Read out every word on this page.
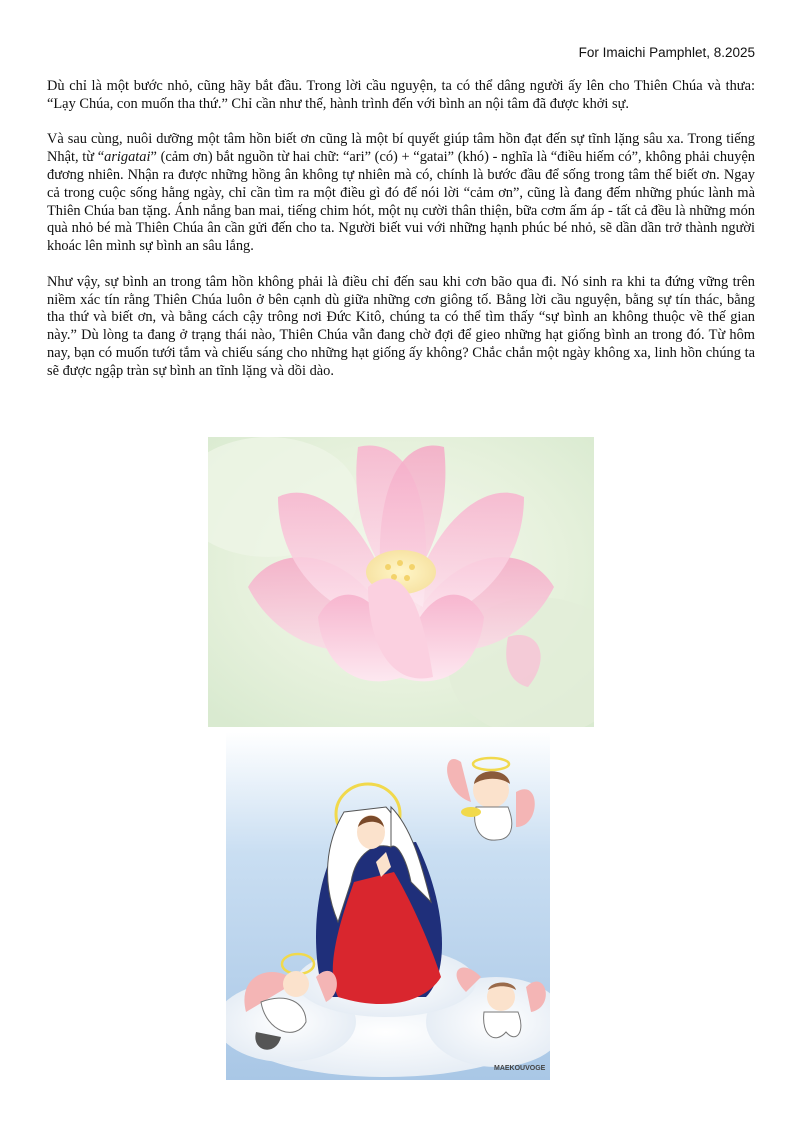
For Imaichi Pamphlet, 8.2025

Dù chỉ là một bước nhỏ, cũng hãy bắt đầu. Trong lời cầu nguyện, ta có thể dâng người ấy lên cho Thiên Chúa và thưa: “Lạy Chúa, con muốn tha thứ.” Chỉ cần như thế, hành trình đến với bình an nội tâm đã được khởi sự.

Và sau cùng, nuôi dưỡng một tâm hồn biết ơn cũng là một bí quyết giúp tâm hồn đạt đến sự tĩnh lặng sâu xa. Trong tiếng Nhật, từ “arigatai” (cảm ơn) bắt nguồn từ hai chữ: “ari” (có) + “gatai” (khó) - nghĩa là “điều hiếm có”, không phải chuyện đương nhiên. Nhận ra được những hồng ân không tự nhiên mà có, chính là bước đầu để sống trong tâm thế biết ơn. Ngay cả trong cuộc sống hằng ngày, chỉ cần tìm ra một điều gì đó để nói lời “cảm ơn”, cũng là đang đếm những phúc lành mà Thiên Chúa ban tặng. Ánh nắng ban mai, tiếng chim hót, một nụ cười thân thiện, bữa cơm ấm áp - tất cả đều là những món quà nhỏ bé mà Thiên Chúa ân cần gửi đến cho ta. Người biết vui với những hạnh phúc bé nhỏ, sẽ dần dần trở thành người khoác lên mình sự bình an sâu lắng.

Như vậy, sự bình an trong tâm hồn không phải là điều chỉ đến sau khi cơn bão qua đi. Nó sinh ra khi ta đứng vững trên niềm xác tín rằng Thiên Chúa luôn ở bên cạnh dù giữa những cơn giông tố. Bằng lời cầu nguyện, bằng sự tín thác, bằng tha thứ và biết ơn, và bằng cách cậy trông nơi Đức Kitô, chúng ta có thể tìm thấy “sự bình an không thuộc về thế gian này.” Dù lòng ta đang ở trạng thái nào, Thiên Chúa vẫn đang chờ đợi để gieo những hạt giống bình an trong đó. Từ hôm nay, bạn có muốn tưới tắm và chiếu sáng cho những hạt giống ấy không? Chắc chắn một ngày không xa, linh hồn chúng ta sẽ được ngập tràn sự bình an tĩnh lặng và dồi dào.

MAEKOUVOGE
